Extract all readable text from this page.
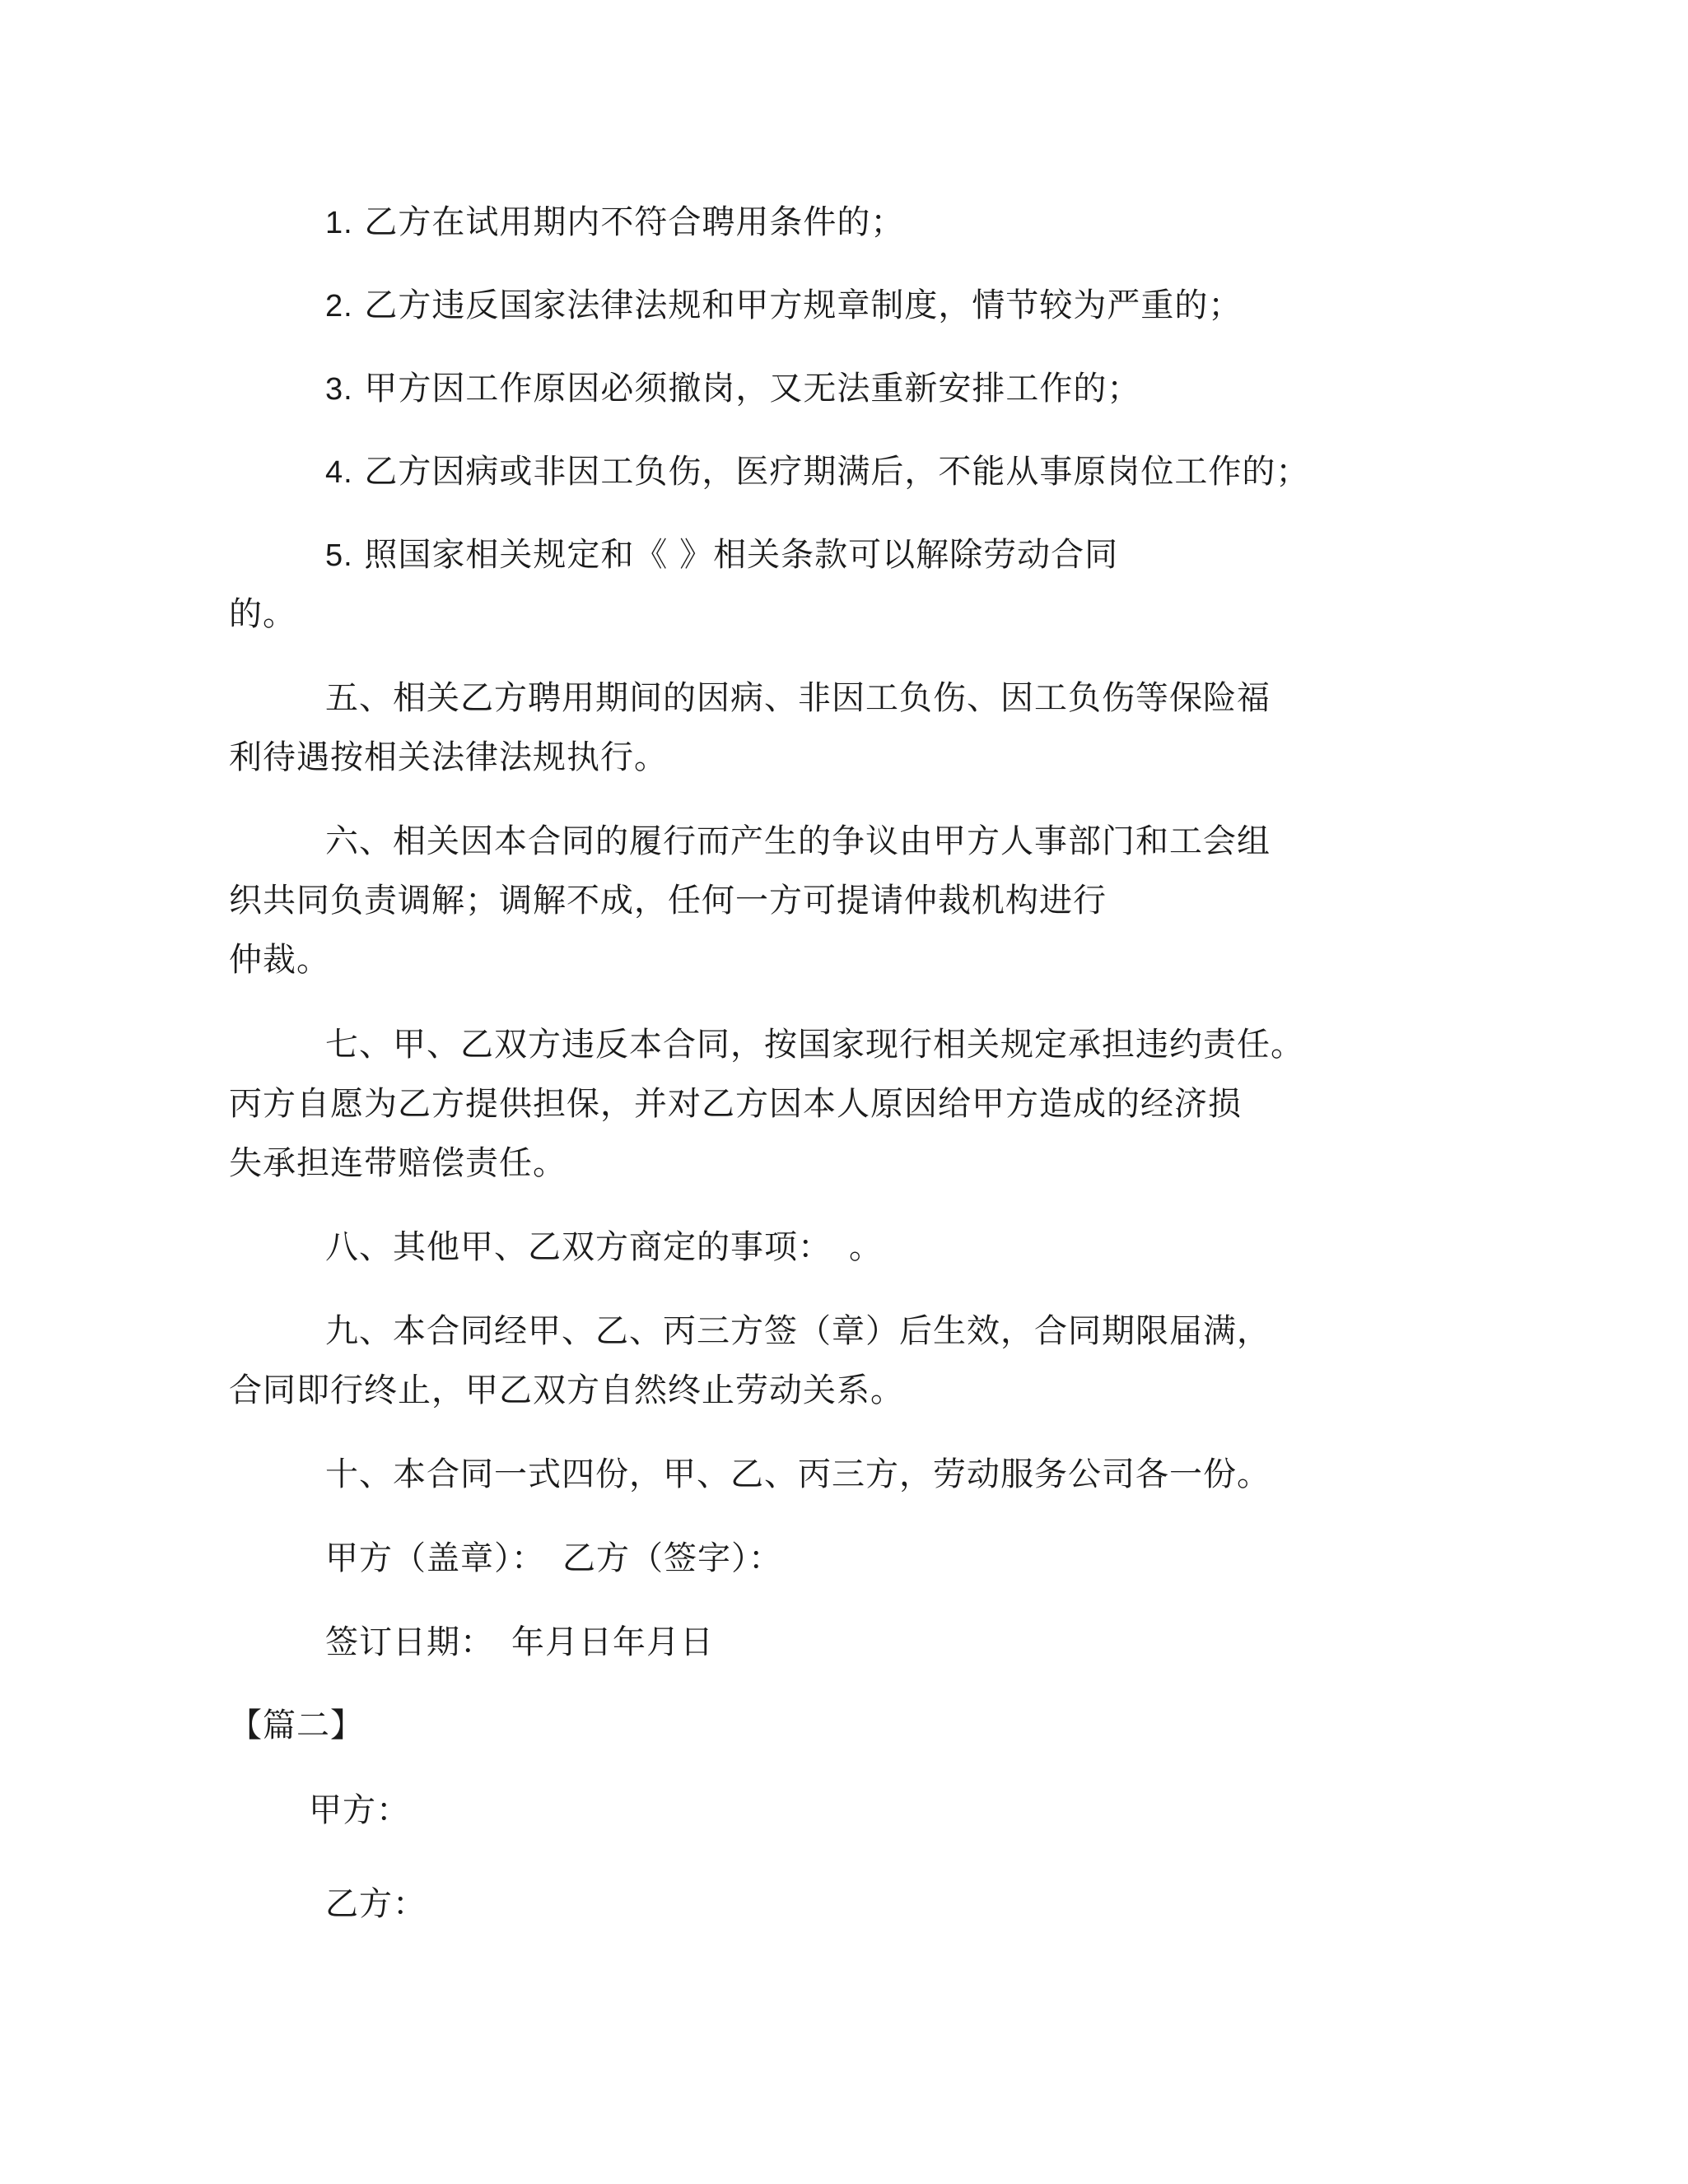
1. 乙方在试用期内不符合聘用条件的；
2. 乙方违反国家法律法规和甲方规章制度，情节较为严重的；
3. 甲方因工作原因必须撤岗，又无法重新安排工作的；
4. 乙方因病或非因工负伤，医疗期满后，不能从事原岗位工作的；
5. 照国家相关规定和《 》相关条款可以解除劳动合同
的。
五、相关乙方聘用期间的因病、非因工负伤、因工负伤等保险福
利待遇按相关法律法规执行。
六、相关因本合同的履行而产生的争议由甲方人事部门和工会组
织共同负责调解；调解不成，任何一方可提请仲裁机构进行
仲裁。
七、甲、乙双方违反本合同，按国家现行相关规定承担违约责任。
丙方自愿为乙方提供担保，并对乙方因本人原因给甲方造成的经济损
失承担连带赔偿责任。
八、其他甲、乙双方商定的事项：　。
九、本合同经甲、乙、丙三方签（章）后生效，合同期限届满，
合同即行终止，甲乙双方自然终止劳动关系。
十、本合同一式四份，甲、乙、丙三方，劳动服务公司各一份。
甲方（盖章）：　乙方（签字）：
签订日期：　年月日年月日
【篇二】
甲方：
乙方：
